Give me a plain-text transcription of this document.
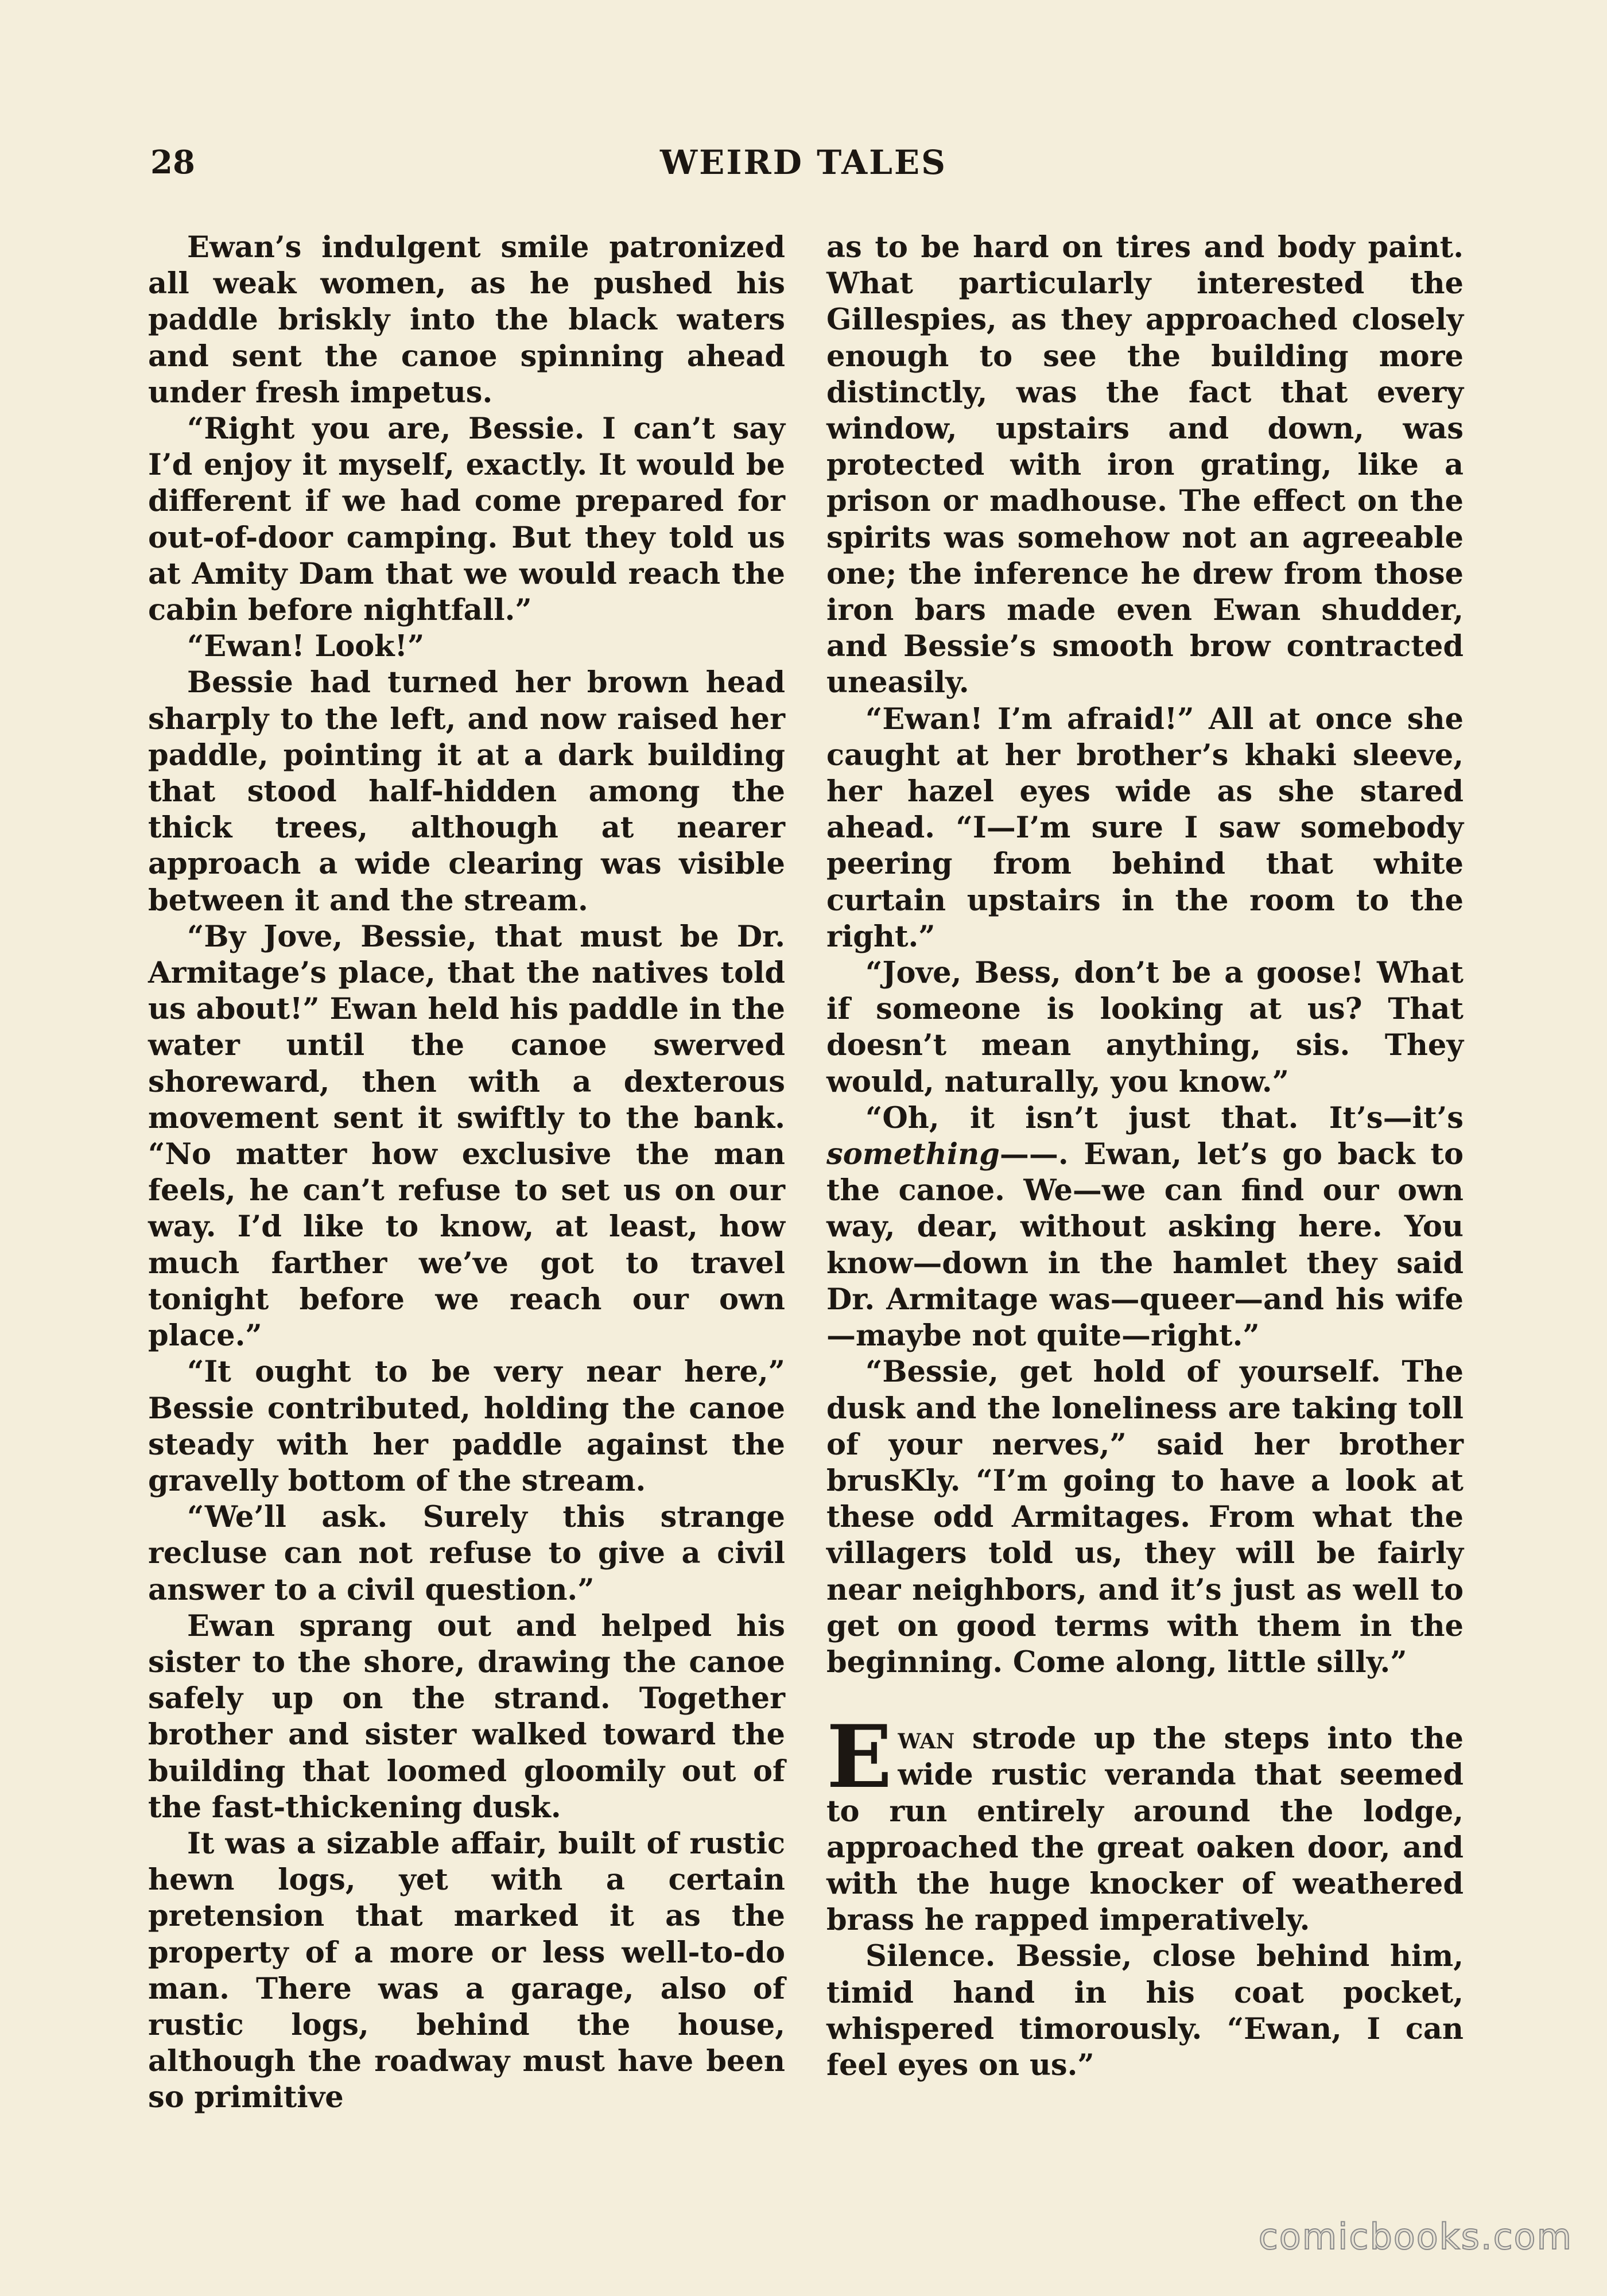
28	WEIRD TALES

Ewan’s indulgent smile patronized all weak women, as he pushed his paddle briskly into the black waters and sent the canoe spinning ahead under fresh impetus.

“Right you are, Bessie. I can’t say I’d enjoy it myself, exactly. It would be different if we had come prepared for out-of-door camping. But they told us at Amity Dam that we would reach the cabin before nightfall.”

“Ewan! Look!”

Bessie had turned her brown head sharply to the left, and now raised her paddle, pointing it at a dark building that stood half-hidden among the thick trees, although at nearer approach a wide clearing was visible between it and the stream.

“By Jove, Bessie, that must be Dr. Armitage’s place, that the natives told us about!” Ewan held his paddle in the water until the canoe swerved shoreward, then with a dexterous movement sent it swiftly to the bank. “No matter how exclusive the man feels, he can’t refuse to set us on our way. I’d like to know, at least, how much farther we’ve got to travel tonight before we reach our own place.”

“It ought to be very near here,” Bessie contributed, holding the canoe steady with her paddle against the gravelly bottom of the stream.

“We’ll ask. Surely this strange recluse can not refuse to give a civil answer to a civil question.”

Ewan sprang out and helped his sister to the shore, drawing the canoe safely up on the strand. Together brother and sister walked toward the building that loomed gloomily out of the fast-thickening dusk.

It was a sizable affair, built of rustic hewn logs, yet with a certain pretension that marked it as the property of a more or less well-to-do man. There was a garage, also of rustic logs, behind the house, although the roadway must have been so primitive

as to be hard on tires and body paint. What particularly interested the Gillespies, as they approached closely enough to see the building more distinctly, was the fact that every window, upstairs and down, was protected with iron grating, like a prison or madhouse. The effect on the spirits was somehow not an agreeable one; the inference he drew from those iron bars made even Ewan shudder, and Bessie’s smooth brow contracted uneasily.

“Ewan! I’m afraid!” All at once she caught at her brother’s khaki sleeve, her hazel eyes wide as she stared ahead. “I—I’m sure I saw somebody peering from behind that white curtain upstairs in the room to the right.”

“Jove, Bess, don’t be a goose! What if someone is looking at us? That doesn’t mean anything, sis. They would, naturally, you know.”

“Oh, it isn’t just that. It’s—it’s something——. Ewan, let’s go back to the canoe. We—we can find our own way, dear, without asking here. You know—down in the hamlet they said Dr. Armitage was—queer—and his wife—maybe not quite—right.”

“Bessie, get hold of yourself. The dusk and the loneliness are taking toll of your nerves,” said her brother brusKly. “I’m going to have a look at these odd Armitages. From what the villagers told us, they will be fairly near neighbors, and it’s just as well to get on good terms with them in the beginning. Come along, little silly.”

Ewan strode up the steps into the wide rustic veranda that seemed to run entirely around the lodge, approached the great oaken door, and with the huge knocker of weathered brass he rapped imperatively.

Silence. Bessie, close behind him, timid hand in his coat pocket, whispered timorously. “Ewan, I can feel eyes on us.”

comicbooks.com
